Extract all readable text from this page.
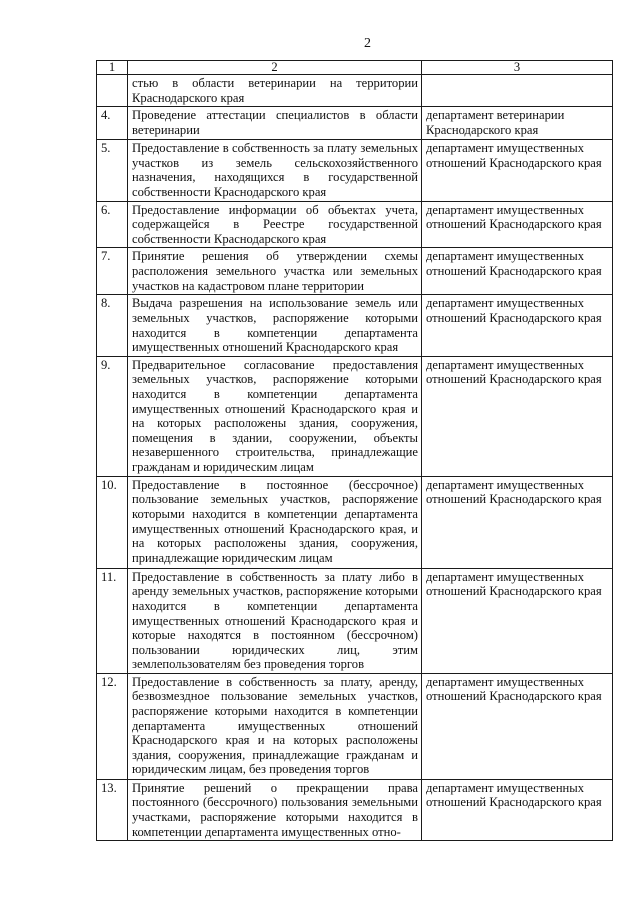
2
1	2	3
	стью в области ветеринарии на территории Краснодарского края	
4.	Проведение аттестации специалистов в области ветеринарии	департамент ветеринарии Краснодарского края
5.	Предоставление в собственность за плату земельных участков из земель сельскохозяйственного назначения, находящихся в государственной собственности Краснодарского края	департамент имущественных отношений Краснодарского края
6.	Предоставление информации об объектах учета, содержащейся в Реестре государственной собственности Краснодарского края	департамент имущественных отношений Краснодарского края
7.	Принятие решения об утверждении схемы расположения земельного участка или земельных участков на кадастровом плане территории	департамент имущественных отношений Краснодарского края
8.	Выдача разрешения на использование земель или земельных участков, распоряжение которыми находится в компетенции департамента имущественных отношений Краснодарского края	департамент имущественных отношений Краснодарского края
9.	Предварительное согласование предоставления земельных участков, распоряжение которыми находится в компетенции департамента имущественных отношений Краснодарского края и на которых расположены здания, сооружения, помещения в здании, сооружении, объекты незавершенного строительства, принадлежащие гражданам и юридическим лицам	департамент имущественных отношений Краснодарского края
10.	Предоставление в постоянное (бессрочное) пользование земельных участков, распоряжение которыми находится в компетенции департамента имущественных отношений Краснодарского края, и на которых расположены здания, сооружения, принадлежащие юридическим лицам	департамент имущественных отношений Краснодарского края
11.	Предоставление в собственность за плату либо в аренду земельных участков, распоряжение которыми находится в компетенции департамента имущественных отношений Краснодарского края и которые находятся в постоянном (бессрочном) пользовании юридических лиц, этим землепользователям без проведения торгов	департамент имущественных отношений Краснодарского края
12.	Предоставление в собственность за плату, аренду, безвозмездное пользование земельных участков, распоряжение которыми находится в компетенции департамента имущественных отношений Краснодарского края и на которых расположены здания, сооружения, принадлежащие гражданам и юридическим лицам, без проведения торгов	департамент имущественных отношений Краснодарского края
13.	Принятие решений о прекращении права постоянного (бессрочного) пользования земельными участками, распоряжение которыми находится в компетенции департамента имущественных отно-	департамент имущественных отношений Краснодарского края
